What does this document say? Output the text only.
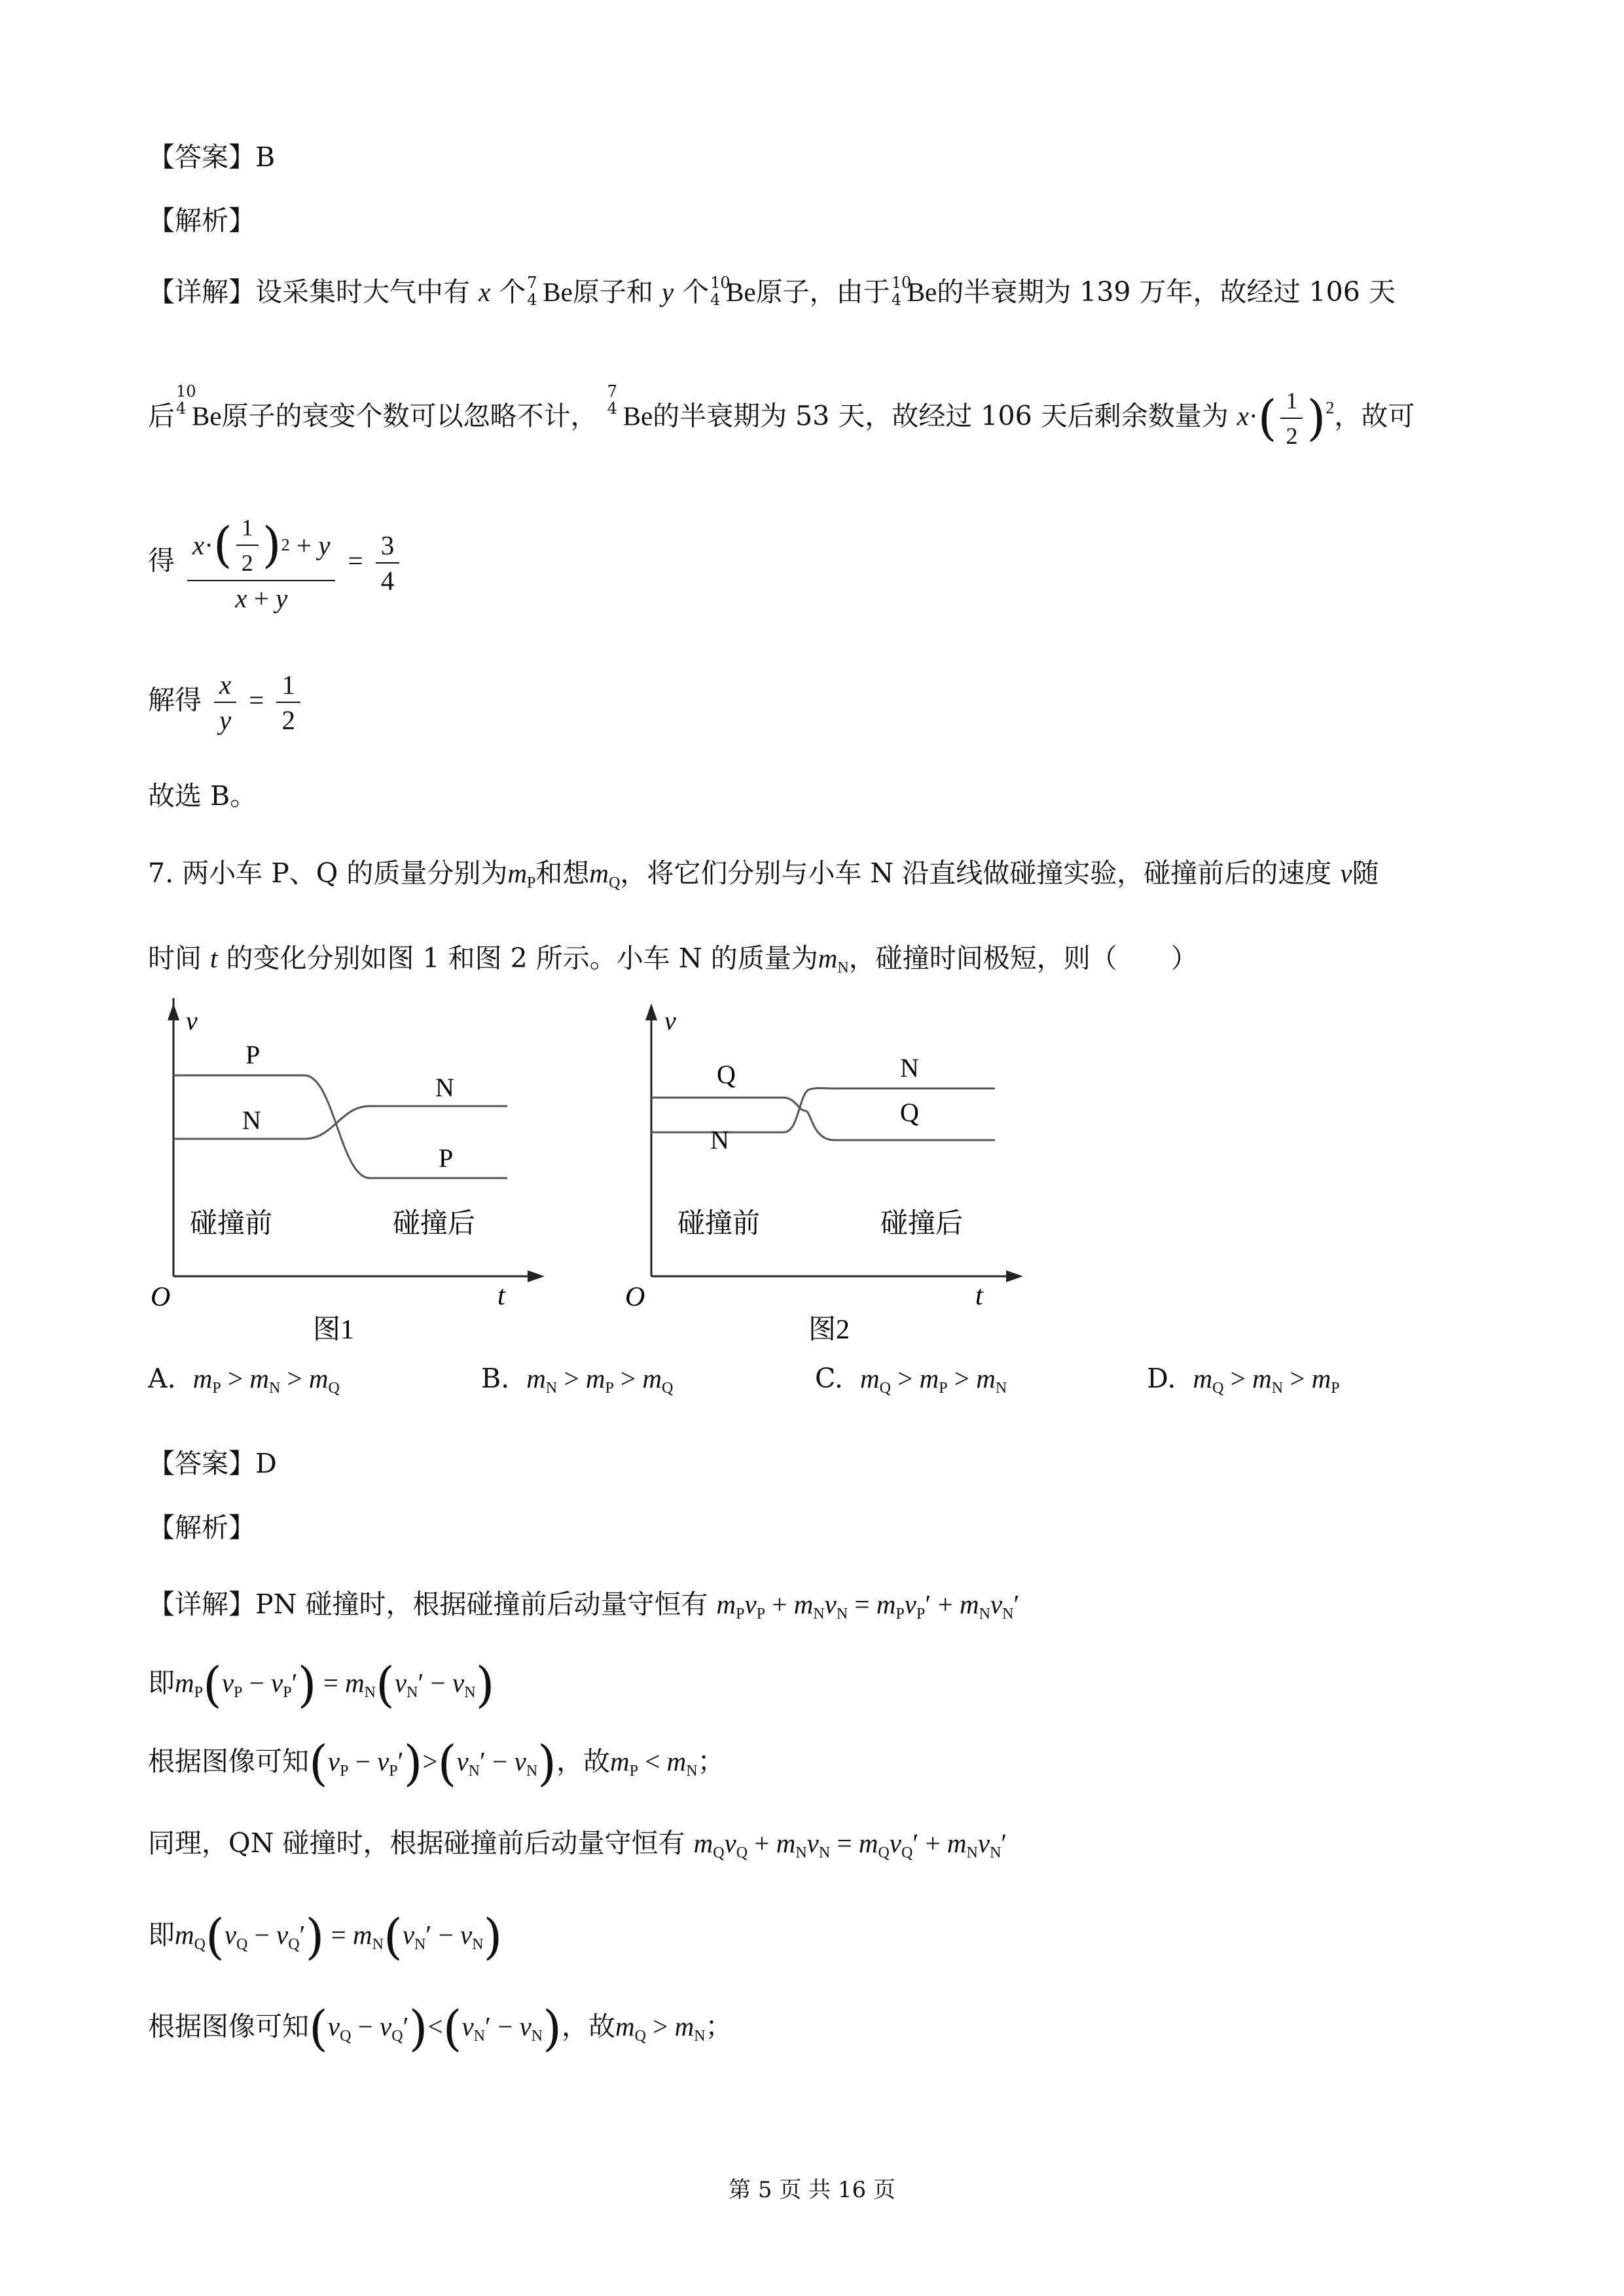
【答案】B
【解析】
【详解】设采集时大气中有 x 个 7
4 Be原子和 y 个 10
4 Be原子，由于 10
4 Be的半衰期为 139 万年，故经过 106 天
后
10
4 Be原子的衰变个数可以忽略不计，
7
4 Be的半衰期为 53 天，故经过 106 天后剩余数量为 $x\cdot( \frac{1}{2} )^2$，故可
得 $\frac{x \cdot ( \frac{1}{2} ) 2 + y}{x + y} = \frac{3}{4}$
解得 $\frac{x}{y} = \frac{1}{2}$
故选 B。
7. 两小车 P、Q 的质量分别为mP和想mQ，将它们分别与小车 N 沿直线做碰撞实验，碰撞前后的速度 v随
时间 t 的变化分别如图 1 和图 2 所示。小车 N 的质量为mN，碰撞时间极短，则（　　）
v
P
N
N
P
碰撞前	碰撞后
O	t
图1
v
Q
N
N
Q
碰撞前	碰撞后
O	t
图2
A. mP > mN > mQ	B. mN > mP > mQ	C. mQ > mP > mN	D. mQ > mN > mP
【答案】D
【解析】
【详解】PN 碰撞时，根据碰撞前后动量守恒有 mPvP + mNvN = mPvP′ + mNvN′
即mP(vP − vP′) = mN(vN′ − vN)
根据图像可知(vP − vP′)>(vN′ − vN)，故mP < mN；
同理，QN 碰撞时，根据碰撞前后动量守恒有 mQvQ + mNvN = mQvQ′ + mNvN′
即mQ(vQ − vQ′) = mN(vN′ − vN)
根据图像可知(vQ − vQ′)<(vN′ − vN)，故mQ > mN；
第 5 页 共 16 页
